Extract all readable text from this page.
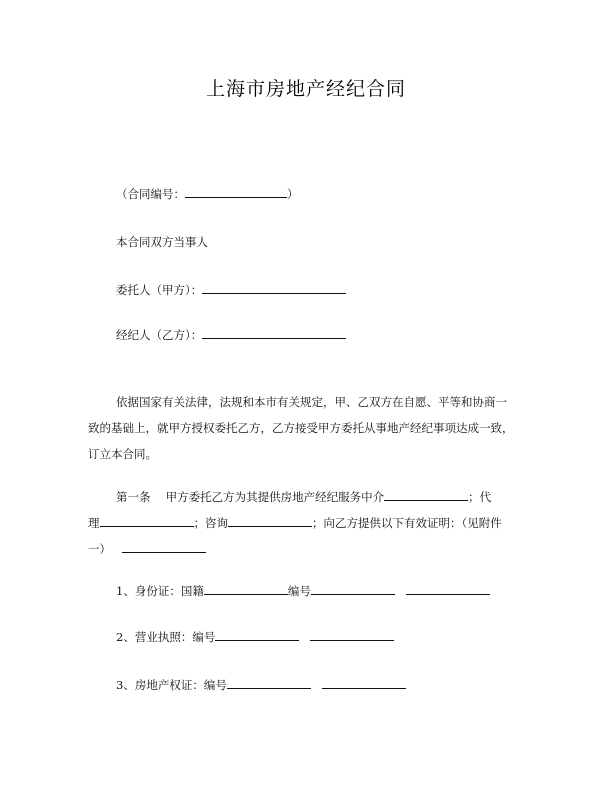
上海市房地产经纪合同
（合同编号：	）
本合同双方当事人
委托人（甲方）：
经纪人（乙方）：
依据国家有关法律，法规和本市有关规定，甲、乙双方在自愿、平等和协商一
致的基础上，就甲方授权委托乙方，乙方接受甲方委托从事地产经纪事项达成一致，
订立本合同。
第一条　 甲方委托乙方为其提供房地产经纪服务中介	；代
理	；咨询	；向乙方提供以下有效证明：（见附件
一）
1、身份证：国籍	编号
2、营业执照：编号
3、房地产权证：编号
